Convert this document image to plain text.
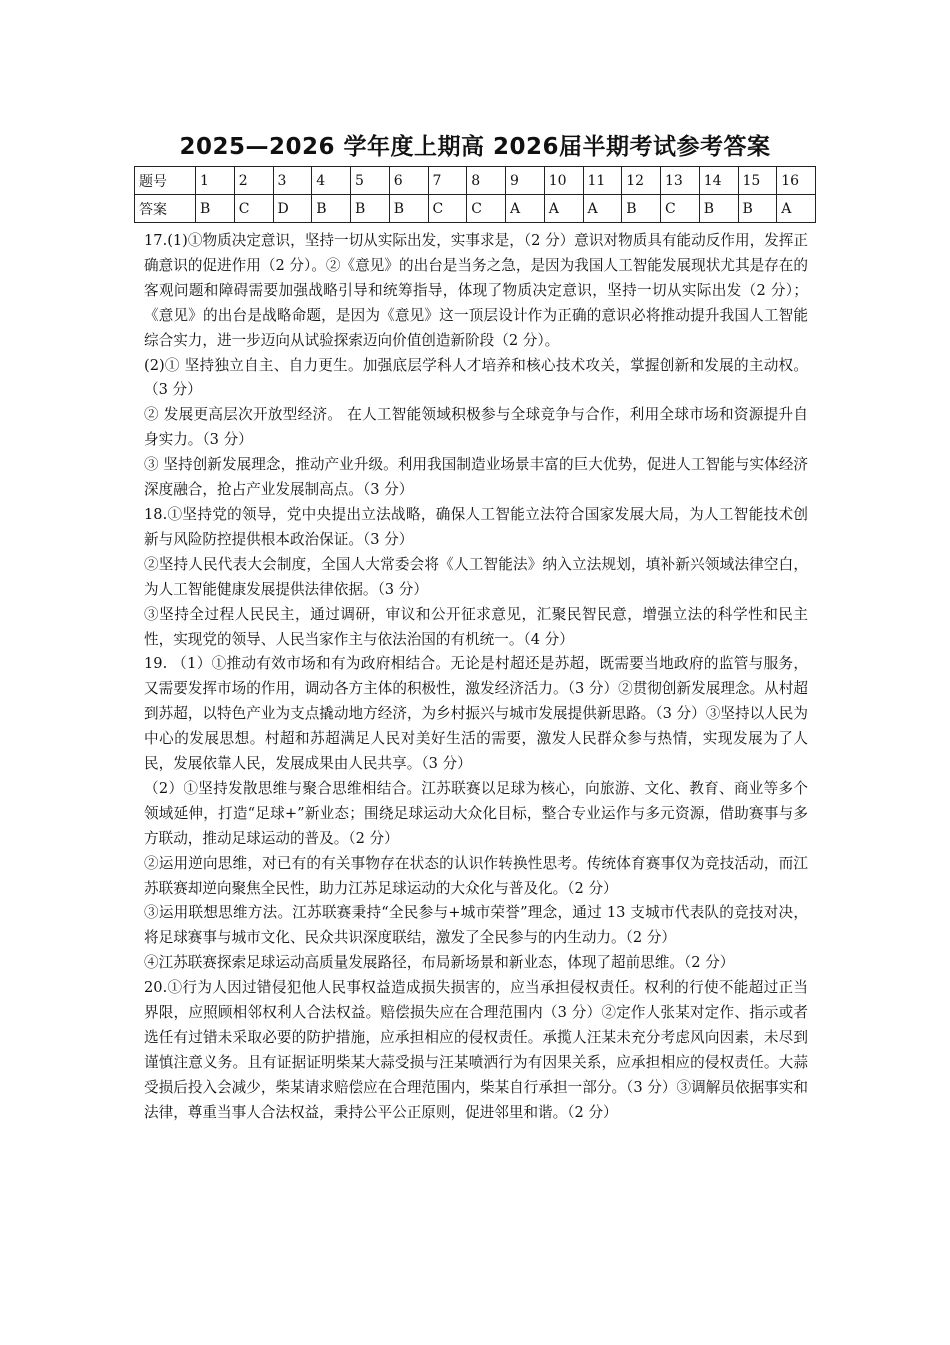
2025—2026 学年度上期高 2026届半期考试参考答案
题号	1	2	3	4	5	6	7	8	9	10	11	12	13	14	15	16
答案	B	C	D	B	B	B	C	C	A	A	A	B	C	B	B	A

17.(1)①物质决定意识，坚持一切从实际出发，实事求是，（2 分）意识对物质具有能动反作用，发挥正确意识的促进作用（2 分）。②《意见》的出台是当务之急，是因为我国人工智能发展现状尤其是存在的客观问题和障碍需要加强战略引导和统筹指导，体现了物质决定意识，坚持一切从实际出发（2 分）；《意见》的出台是战略命题，是因为《意见》这一顶层设计作为正确的意识必将推动提升我国人工智能综合实力，进一步迈向从试验探索迈向价值创造新阶段（2 分）。

(2)① 坚持独立自主、自力更生。加强底层学科人才培养和核心技术攻关，掌握创新和发展的主动权。（3 分）

② 发展更高层次开放型经济。 在人工智能领域积极参与全球竞争与合作，利用全球市场和资源提升自身实力。（3 分）

③ 坚持创新发展理念，推动产业升级。利用我国制造业场景丰富的巨大优势，促进人工智能与实体经济深度融合，抢占产业发展制高点。（3 分）

18.①坚持党的领导，党中央提出立法战略，确保人工智能立法符合国家发展大局，为人工智能技术创新与风险防控提供根本政治保证。（3 分）

②坚持人民代表大会制度，全国人大常委会将《人工智能法》纳入立法规划，填补新兴领域法律空白，为人工智能健康发展提供法律依据。（3 分）

③坚持全过程人民民主，通过调研，审议和公开征求意见，汇聚民智民意，增强立法的科学性和民主性，实现党的领导、人民当家作主与依法治国的有机统一。（4 分）

19. （1）①推动有效市场和有为政府相结合。无论是村超还是苏超，既需要当地政府的监管与服务，又需要发挥市场的作用，调动各方主体的积极性，激发经济活力。（3 分）②贯彻创新发展理念。从村超到苏超，以特色产业为支点撬动地方经济，为乡村振兴与城市发展提供新思路。（3 分）③坚持以人民为中心的发展思想。村超和苏超满足人民对美好生活的需要，激发人民群众参与热情，实现发展为了人民，发展依靠人民，发展成果由人民共享。（3 分）

（2）①坚持发散思维与聚合思维相结合。江苏联赛以足球为核心，向旅游、文化、教育、商业等多个领域延伸，打造“足球+”新业态；围绕足球运动大众化目标，整合专业运作与多元资源，借助赛事与多方联动，推动足球运动的普及。（2 分）

②运用逆向思维，对已有的有关事物存在状态的认识作转换性思考。传统体育赛事仅为竞技活动，而江苏联赛却逆向聚焦全民性，助力江苏足球运动的大众化与普及化。（2 分）

③运用联想思维方法。江苏联赛秉持“全民参与+城市荣誉”理念，通过 13 支城市代表队的竞技对决，将足球赛事与城市文化、民众共识深度联结，激发了全民参与的内生动力。（2 分）

④江苏联赛探索足球运动高质量发展路径，布局新场景和新业态，体现了超前思维。（2 分）

20.①行为人因过错侵犯他人民事权益造成损失损害的，应当承担侵权责任。权利的行使不能超过正当界限，应照顾相邻权利人合法权益。赔偿损失应在合理范围内（3 分）②定作人张某对定作、指示或者选任有过错未采取必要的防护措施，应承担相应的侵权责任。承揽人汪某未充分考虑风向因素，未尽到谨慎注意义务。且有证据证明柴某大蒜受损与汪某喷洒行为有因果关系，应承担相应的侵权责任。大蒜受损后投入会减少，柴某请求赔偿应在合理范围内，柴某自行承担一部分。（3 分）③调解员依据事实和法律，尊重当事人合法权益，秉持公平公正原则，促进邻里和谐。（2 分）
